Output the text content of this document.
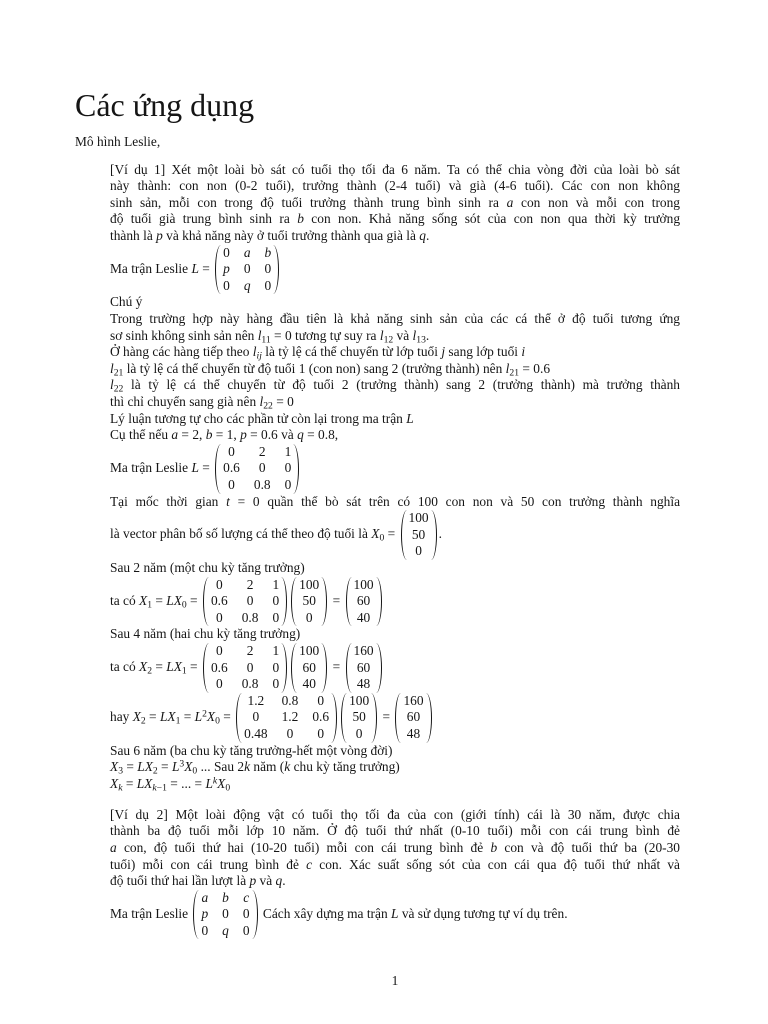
Các ứng dụng
Mô hình Leslie,
[Ví dụ 1] Xét một loài bò sát có tuổi thọ tối đa 6 năm. Ta có thể chia vòng đời của loài bò sát
này thành: con non (0-2 tuổi), trưởng thành (2-4 tuổi) và già (4-6 tuổi). Các con non không
sinh sản, mỗi con trong độ tuổi trưởng thành trung bình sinh ra a con non và mỗi con trong
độ tuổi già trung bình sinh ra b con non. Khả năng sống sót của con non qua thời kỳ trưởng
thành là p và khả năng này ở tuổi trưởng thành qua già là q.
Ma trận Leslie L =
0	a	b
p	0	0
0	q	0
Chú ý
Trong trường hợp này hàng đầu tiên là khả năng sinh sản của các cá thể ở độ tuổi tương ứng
sơ sinh không sinh sản nên $l_{11} = 0$ tương tự suy ra $l_{12}$ và $l_{13}$.
Ở hàng các hàng tiếp theo $l_{ij}$ là tỷ lệ cá thể chuyển từ lớp tuổi j sang lớp tuổi i
$l_{21}$ là tỷ lệ cá thể chuyển từ độ tuổi 1 (con non) sang 2 (trưởng thành) nên $l_{21} = 0.6$
$l_{22}$ là tỷ lệ cá thể chuyển từ độ tuổi 2 (trưởng thành) sang 2 (trưởng thành) mà trưởng thành
thì chỉ chuyển sang già nên $l_{22} = 0$
Lý luận tương tự cho các phần tử còn lại trong ma trận L
Cụ thể nếu a = 2, b = 1, p = 0.6 và q = 0.8,
Ma trận Leslie L =
0	2	1
0.6	0	0
0	0.8	0
Tại mốc thời gian t = 0 quần thể bò sát trên có 100 con non và 50 con trưởng thành nghĩa
là vector phân bố số lượng cá thể theo độ tuổi là $X_0$ =
100
50
0
.
Sau 2 năm (một chu kỳ tăng trưởng)
ta có $X_1 = LX_0$ =
0	2	1
0.6	0	0
0	0.8	0
100
50
0
=
100
60
40
Sau 4 năm (hai chu kỳ tăng trưởng)
ta có $X_2 = LX_1$ =
0	2	1
0.6	0	0
0	0.8	0
100
60
40
=
160
60
48
hay $X_2 = LX_1 = L^2X_0$ =
1.2	0.8	0
0	1.2	0.6
0.48	0	0
100
50
0
=
160
60
48
Sau 6 năm (ba chu kỳ tăng trưởng-hết một vòng đời)
$X_3 = LX_2 = L^3X_0$ ... Sau 2k năm (k chu kỳ tăng trưởng)
$X_k = LX_{k-1}$ = ... = $L^kX_0$
[Ví dụ 2] Một loài động vật có tuổi thọ tối đa của con (giới tính) cái là 30 năm, được chia
thành ba độ tuổi mỗi lớp 10 năm. Ở độ tuổi thứ nhất (0-10 tuổi) mỗi con cái trung bình đẻ
a con, độ tuổi thứ hai (10-20 tuổi) mỗi con cái trung bình đẻ b con và độ tuổi thứ ba (20-30
tuổi) mỗi con cái trung bình đẻ c con. Xác suất sống sót của con cái qua độ tuổi thứ nhất và
độ tuổi thứ hai lần lượt là p và q.
Ma trận Leslie
a	b	c
p	0	0
0	q	0
Cách xây dựng ma trận L và sử dụng tương tự ví dụ trên.
1
